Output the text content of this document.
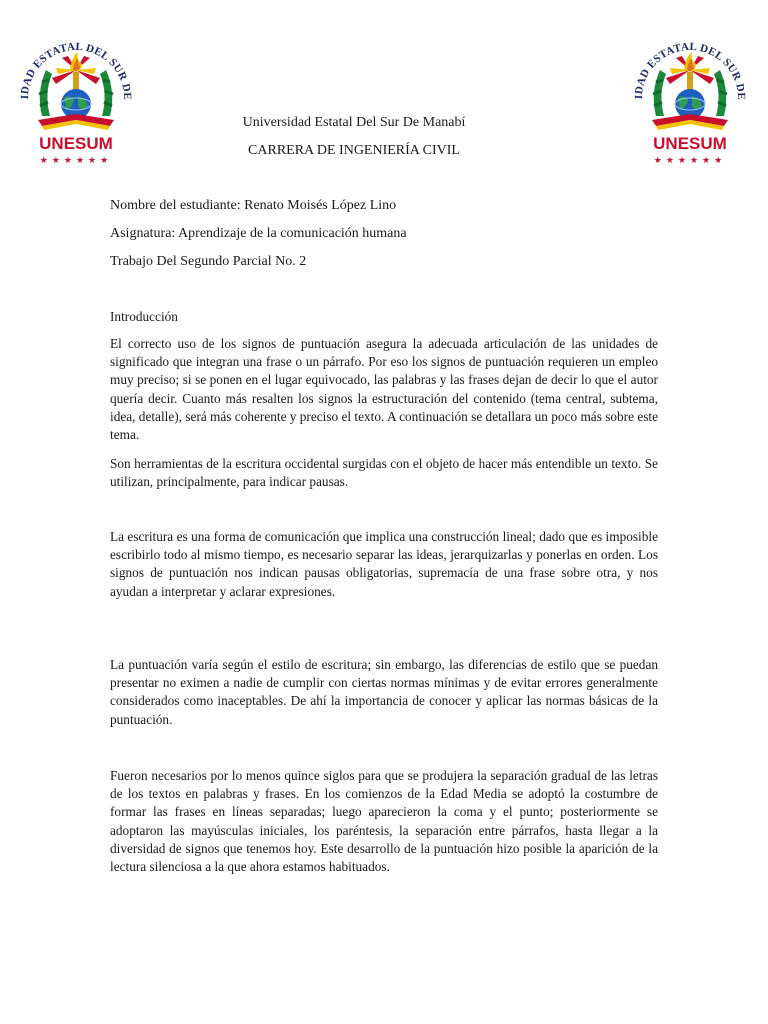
IDAD ESTATAL DEL SUR DE
UNESUM
★★★★★★
IDAD ESTATAL DEL SUR DE
UNESUM
★★★★★★
Universidad Estatal Del Sur De Manabí
CARRERA DE INGENIERÍA CIVIL
Nombre del estudiante: Renato Moisés López Lino
Asignatura: Aprendizaje de la comunicación humana
Trabajo Del Segundo Parcial No. 2
Introducción

El correcto uso de los signos de puntuación asegura la adecuada articulación de las unidades de significado que integran una frase o un párrafo. Por eso los signos de puntuación requieren un empleo muy preciso; si se ponen en el lugar equivocado, las palabras y las frases dejan de decir lo que el autor quería decir. Cuanto más resalten los signos la estructuración del contenido (tema central, subtema, idea, detalle), será más coherente y preciso el texto. A continuación se detallara un poco más sobre este tema.

Son herramientas de la escritura occidental surgidas con el objeto de hacer más entendible un texto. Se utilizan, principalmente, para indicar pausas.

La escritura es una forma de comunicación que implica una construcción lineal; dado que es imposible escribirlo todo al mismo tiempo, es necesario separar las ideas, jerarquizarlas y ponerlas en orden. Los signos de puntuación nos indican pausas obligatorias, supremacía de una frase sobre otra, y nos ayudan a interpretar y aclarar expresiones.

La puntuación varía según el estilo de escritura; sin embargo, las diferencias de estilo que se puedan presentar no eximen a nadie de cumplir con ciertas normas mínimas y de evitar errores generalmente considerados como inaceptables. De ahí la importancia de conocer y aplicar las normas básicas de la puntuación.

Fueron necesarios por lo menos quince siglos para que se produjera la separación gradual de las letras de los textos en palabras y frases. En los comienzos de la Edad Media se adoptó la costumbre de formar las frases en líneas separadas; luego aparecieron la coma y el punto; posteriormente se adoptaron las mayúsculas iniciales, los paréntesis, la separación entre párrafos, hasta llegar a la diversidad de signos que tenemos hoy. Este desarrollo de la puntuación hizo posible la aparición de la lectura silenciosa a la que ahora estamos habituados.
